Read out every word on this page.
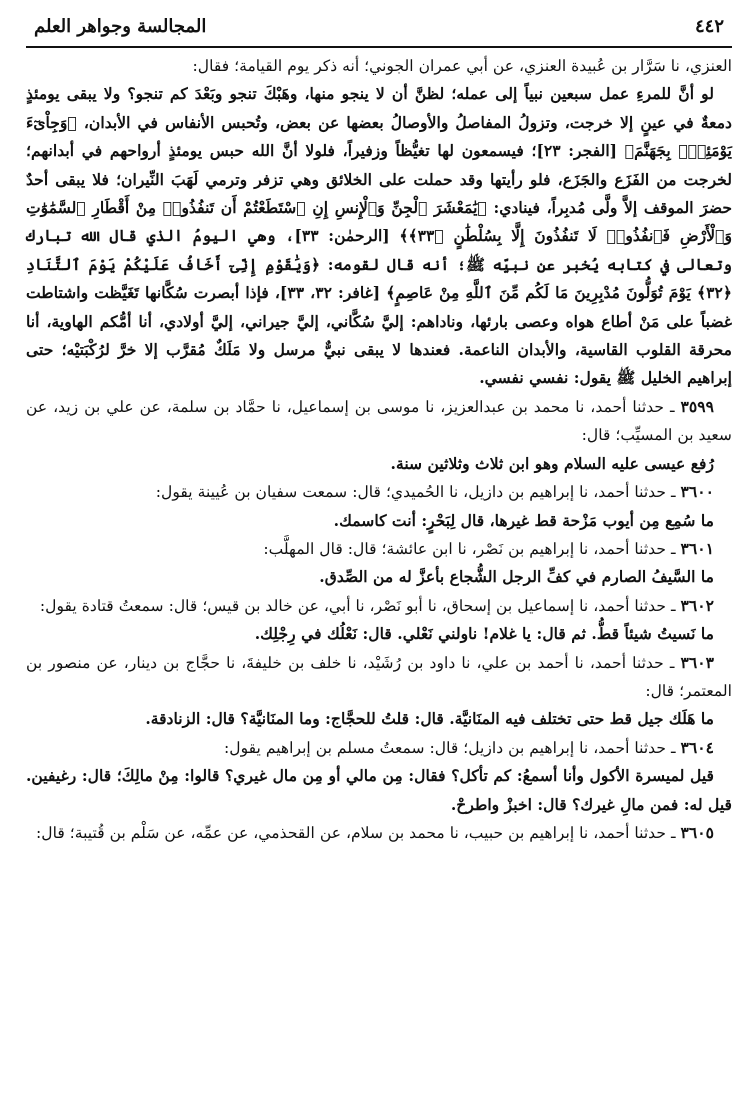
٤٤٢
المجالسة وجواهر العلم

العنزي، نا سَرَّار بن عُبيدة العنزي، عن أبي عمران الجوني؛ أنه ذكر يوم القيامة؛ فقال:

لو أنَّ للمرءِ عمل سبعين نبياً إلى عمله؛ لظنَّ أن لا ينجو منها، وهَبْكَ تنجو وبَعْدَ كم تنجو؟ ولا يبقى يومئذٍ دمعةٌ في عينٍ إلا خرجت، وتزولُ المفاصلُ والأوصالُ بعضها عن بعض، وتُحبس الأنفاس في الأبدان، ﴿وَجِاْىٓءَ يَوْمَئِذٍۭ بِجَهَنَّمَ﴾ [الفجر: ٢٣]؛ فيسمعون لها تغيُّظاً وزفيراً، فلولا أنَّ الله حبس يومئذٍ أرواحهم في أبدانهم؛ لخرجت من الفَزَع والجَزَع، فلو رأيتها وقد حملت على الخلائق وهي تزفر وترمي لَهَبَ النِّيران؛ فلا يبقى أحدٌ حضرَ الموقف إلاَّ ولَّى مُدبِراً، فينادي: ﴿يَٰمَعْشَرَ ٱلْجِنِّ وَٱلْإِنسِ إِنِ ٱسْتَطَعْتُمْ أَن تَنفُذُوا۟ مِنْ أَقْطَارِ ٱلسَّمَٰوَٰتِ وَٱلْأَرْضِ فَٱنفُذُوا۟ لَا تَنفُذُونَ إِلَّا بِسُلْطَٰنٍ ﴿٣٣﴾﴾ [الرحمٰن: ٣٣]، وهي اليومُ الذي قال الله تبارك وتعالى في كتابه يُخبر عن نبيِّه ﷺ؛ أنه قال لقومه: ﴿وَيَٰقَوْمِ إِنِّىٓ أَخَافُ عَلَيْكُمْ يَوْمَ ٱلتَّنَادِ ﴿٣٢﴾ يَوْمَ تُوَلُّونَ مُدْبِرِينَ مَا لَكُم مِّنَ ٱللَّهِ مِنْ عَاصِمٍ﴾ [غافر: ٣٢، ٣٣]، فإذا أبصرت سُكَّانها تَغَيَّظت واشتاطت غضباً على مَنْ أطاع هواه وعصى بارئها، وناداهم: إليَّ سُكَّاني، إليَّ جيراني، إليَّ أولادي، أنا أمُّكم الهاوية، أنا محرقة القلوب القاسية، والأبدان الناعمة. فعندها لا يبقى نبيٌّ مرسل ولا مَلَكٌ مُقرَّب إلا خرَّ لرُكْبَتيْه؛ حتى إبراهيم الخليل ﷺ يقول: نفسي نفسي.

٣٥٩٩ ـ حدثنا أحمد، نا محمد بن عبدالعزيز، نا موسى بن إسماعيل، نا حمَّاد بن سلمة، عن علي بن زيد، عن سعيد بن المسيِّب؛ قال:

رُفع عيسى عليه السلام وهو ابن ثلاث وثلاثين سنة.

٣٦٠٠ ـ حدثنا أحمد، نا إبراهيم بن دازيل، نا الحُميدي؛ قال: سمعت سفيان بن عُيينة يقول:

ما سُمِع مِن أيوب مَزْحة قط غيرها، قال لِبَحْرٍ: أنت كاسمك.

٣٦٠١ ـ حدثنا أحمد، نا إبراهيم بن نَصْر، نا ابن عائشة؛ قال: قال المهلَّب:

ما السَّيفُ الصارم في كفِّ الرجل الشُّجاع بأعزَّ له من الصِّدق.

٣٦٠٢ ـ حدثنا أحمد، نا إسماعيل بن إسحاق، نا أبو نَصْر، نا أبي، عن خالد بن قيس؛ قال: سمعتُ قتادة يقول:

ما نَسيتُ شيئاً قطُّ. ثم قال: يا غلام! ناولني نَعْلي. قال: نَعْلُك في رِجْلِك.

٣٦٠٣ ـ حدثنا أحمد، نا أحمد بن علي، نا داود بن رُشَيْد، نا خلف بن خليفةَ، نا حجَّاج بن دينار، عن منصور بن المعتمر؛ قال:

ما هَلَك جيل قط حتى تختلف فيه المنَانيَّة. قال: قلتُ للحجَّاج: وما المنَانيَّة؟ قال: الزنادقة.

٣٦٠٤ ـ حدثنا أحمد، نا إبراهيم بن دازيل؛ قال: سمعتُ مسلم بن إبراهيم يقول:

قيل لميسرة الأكول وأنا أسمعُ: كم تأكل؟ فقال: مِن مالي أو مِن مال غيري؟ قالوا: مِنْ مالِكَ؛ قال: رغيفين. قيل له: فمن مالِ غيرك؟ قال: اخبزْ واطرحْ.

٣٦٠٥ ـ حدثنا أحمد، نا إبراهيم بن حبيب، نا محمد بن سلام، عن القحذمي، عن عمِّه، عن سَلْم بن قُتيبة؛ قال:
